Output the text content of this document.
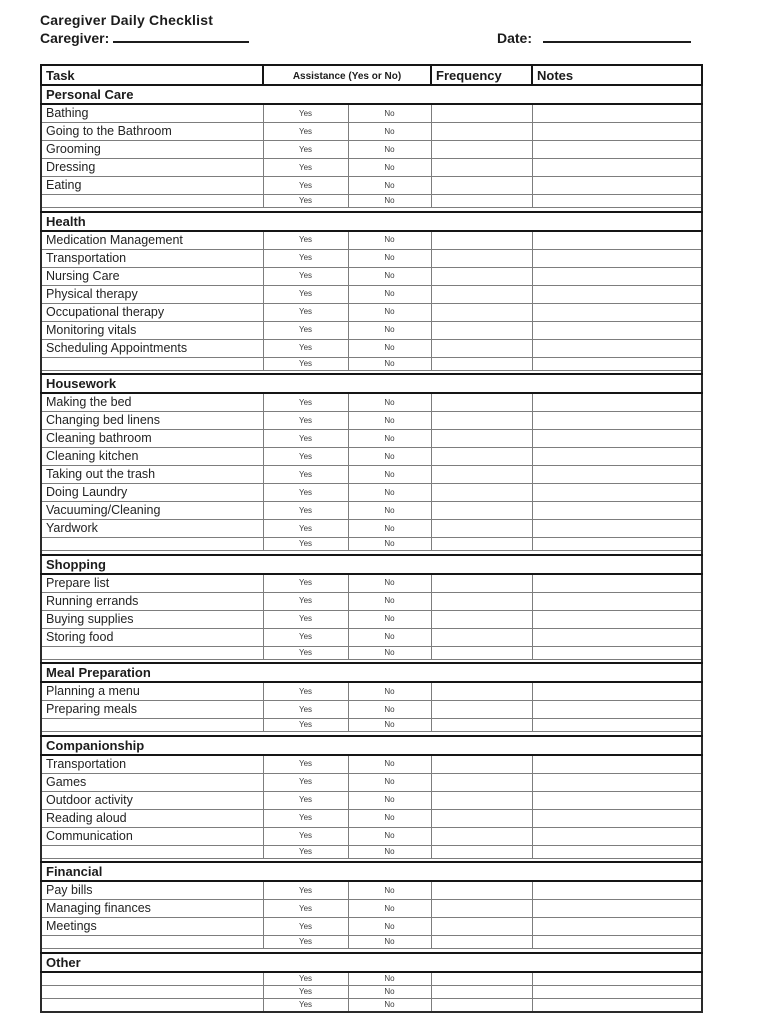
Caregiver Daily Checklist
Caregiver:	Date:
Task	Assistance (Yes or No)		Frequency	Notes
Personal Care				
Bathing	Yes	No		
Going to the Bathroom	Yes	No		
Grooming	Yes	No		
Dressing	Yes	No		
Eating	Yes	No		
	Yes	No		

Health				
Medication Management	Yes	No		
Transportation	Yes	No		
Nursing Care	Yes	No		
Physical therapy	Yes	No		
Occupational therapy	Yes	No		
Monitoring vitals	Yes	No		
Scheduling Appointments	Yes	No		
	Yes	No		

Housework				
Making the bed	Yes	No		
Changing bed linens	Yes	No		
Cleaning bathroom	Yes	No		
Cleaning kitchen	Yes	No		
Taking out the trash	Yes	No		
Doing Laundry	Yes	No		
Vacuuming/Cleaning	Yes	No		
Yardwork	Yes	No		
	Yes	No		

Shopping				
Prepare list	Yes	No		
Running errands	Yes	No		
Buying supplies	Yes	No		
Storing food	Yes	No		
	Yes	No		

Meal Preparation				
Planning a menu	Yes	No		
Preparing meals	Yes	No		
	Yes	No		

Companionship				
Transportation	Yes	No		
Games	Yes	No		
Outdoor activity	Yes	No		
Reading aloud	Yes	No		
Communication	Yes	No		
	Yes	No		

Financial				
Pay bills	Yes	No		
Managing finances	Yes	No		
Meetings	Yes	No		
	Yes	No		

Other				
	Yes	No		
	Yes	No		
	Yes	No		
